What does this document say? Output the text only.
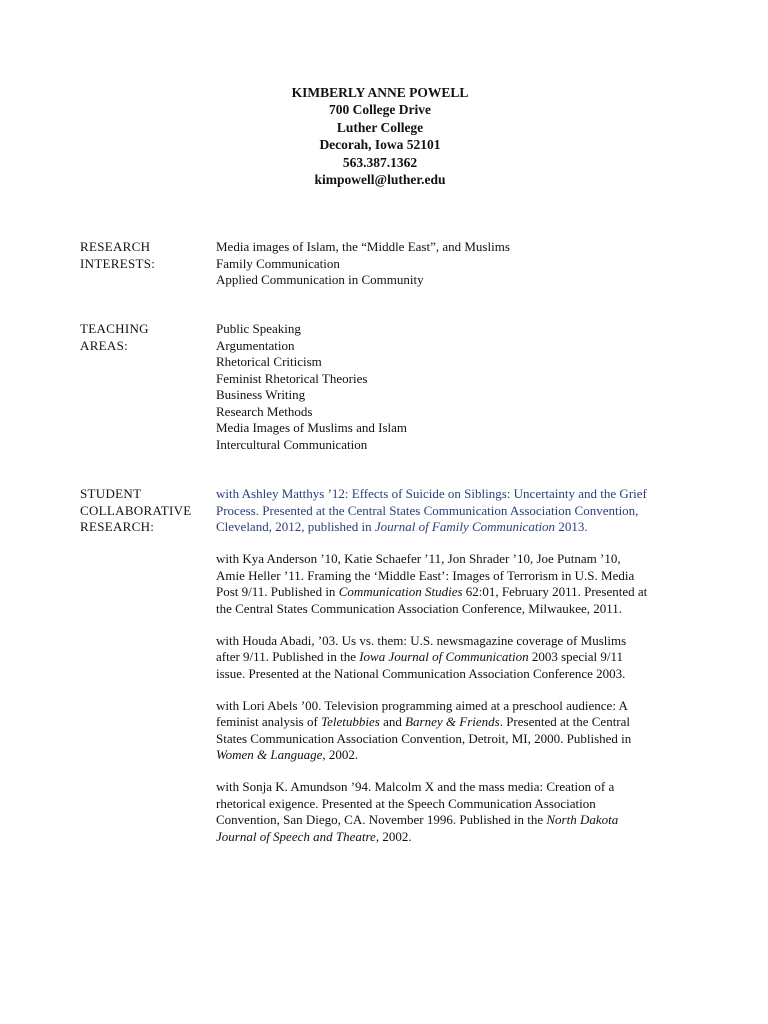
KIMBERLY ANNE POWELL
700 College Drive
Luther College
Decorah, Iowa 52101
563.387.1362
kimpowell@luther.edu
RESEARCH
INTERESTS:
Media images of Islam, the “Middle East”, and Muslims
Family Communication
Applied Communication in Community
TEACHING
AREAS:
Public Speaking
Argumentation
Rhetorical Criticism
Feminist Rhetorical Theories
Business Writing
Research Methods
Media Images of Muslims and Islam
Intercultural Communication
STUDENT
COLLABORATIVE
RESEARCH:
with Ashley Matthys ’12: Effects of Suicide on Siblings: Uncertainty and the Grief
Process. Presented at the Central States Communication Association Convention,
Cleveland, 2012, published in Journal of Family Communication 2013.
with Kya Anderson ’10, Katie Schaefer ’11, Jon Shrader ’10, Joe Putnam ’10,
Amie Heller ’11. Framing the ‘Middle East’: Images of Terrorism in U.S. Media
Post 9/11. Published in Communication Studies 62:01, February 2011. Presented at
the Central States Communication Association Conference, Milwaukee, 2011.
with Houda Abadi, ’03. Us vs. them: U.S. newsmagazine coverage of Muslims
after 9/11. Published in the Iowa Journal of Communication 2003 special 9/11
issue. Presented at the National Communication Association Conference 2003.
with Lori Abels ’00. Television programming aimed at a preschool audience: A
feminist analysis of Teletubbies and Barney & Friends. Presented at the Central
States Communication Association Convention, Detroit, MI, 2000. Published in
Women & Language, 2002.
with Sonja K. Amundson ’94. Malcolm X and the mass media: Creation of a
rhetorical exigence. Presented at the Speech Communication Association
Convention, San Diego, CA. November 1996. Published in the North Dakota
Journal of Speech and Theatre, 2002.
